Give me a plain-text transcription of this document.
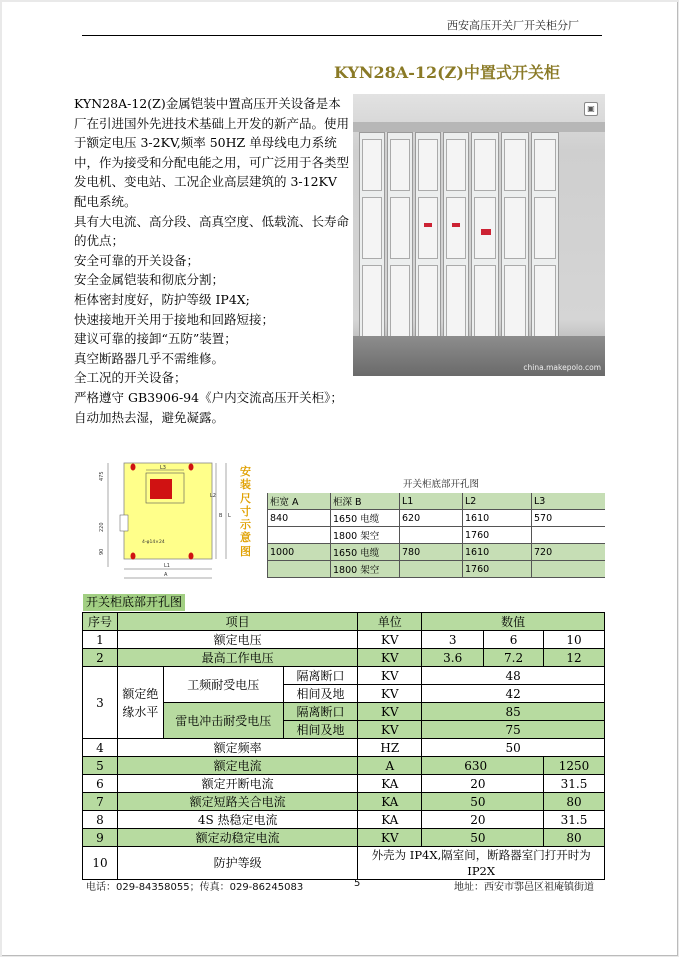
西安高压开关厂开关柜分厂
KYN28A-12(Z)中置式开关柜

KYN28A-12(Z)金属铠装中置高压开关设备是本厂在引进国外先进技术基础上开发的新产品。使用于额定电压 3-2KV,频率 50HZ 单母线电力系统中，作为接受和分配电能之用，可广泛用于各类型发电机、变电站、工况企业高层建筑的 3-12KV 配电系统。

具有大电流、高分段、高真空度、低载流、长寿命的优点；

安全可靠的开关设备；

安全金属铠装和彻底分割；

柜体密封度好，防护等级 IP4X;

快速接地开关用于接地和回路短接；

建议可靠的接卸“五防”装置；

真空断路器几乎不需维修。

全工况的开关设备；

严格遵守 GB3906-94《户内交流高压开关柜》；自动加热去湿，避免凝露。

▣
china.makepolo.com
475
220
90
L3
L1
A
B L
L2
4-φ14×24
安装尺寸示意图
开关柜底部开孔图
柜宽 A	柜深 B	L1	L2	L3
840	1650 电缆	620	1610	570
	1800 架空		1760	
1000	1650 电缆	780	1610	720
	1800 架空		1760	
开关柜底部开孔图
序号	项目			单位	数值		
1	额定电压			KV	3	6	10
2	最高工作电压			KV	3.6	7.2	12
3	额定绝缘水平	工频耐受电压	隔离断口	KV	48		
			相间及地	KV	42		
		雷电冲击耐受电压	隔离断口	KV	85		
			相间及地	KV	75		
4	额定频率			HZ	50		
5	额定电流			A	630		1250
6	额定开断电流			KA	20		31.5
7	额定短路关合电流			KA	50		80
8	4S 热稳定电流			KA	20		31.5
9	额定动稳定电流			KV	50		80
10	防护等级			外壳为 IP4X,隔室间，断路器室门打开时为 IP2X			
电话：029-84358055；传真：029-86245083	5	地址：西安市鄠邑区祖庵镇街道
